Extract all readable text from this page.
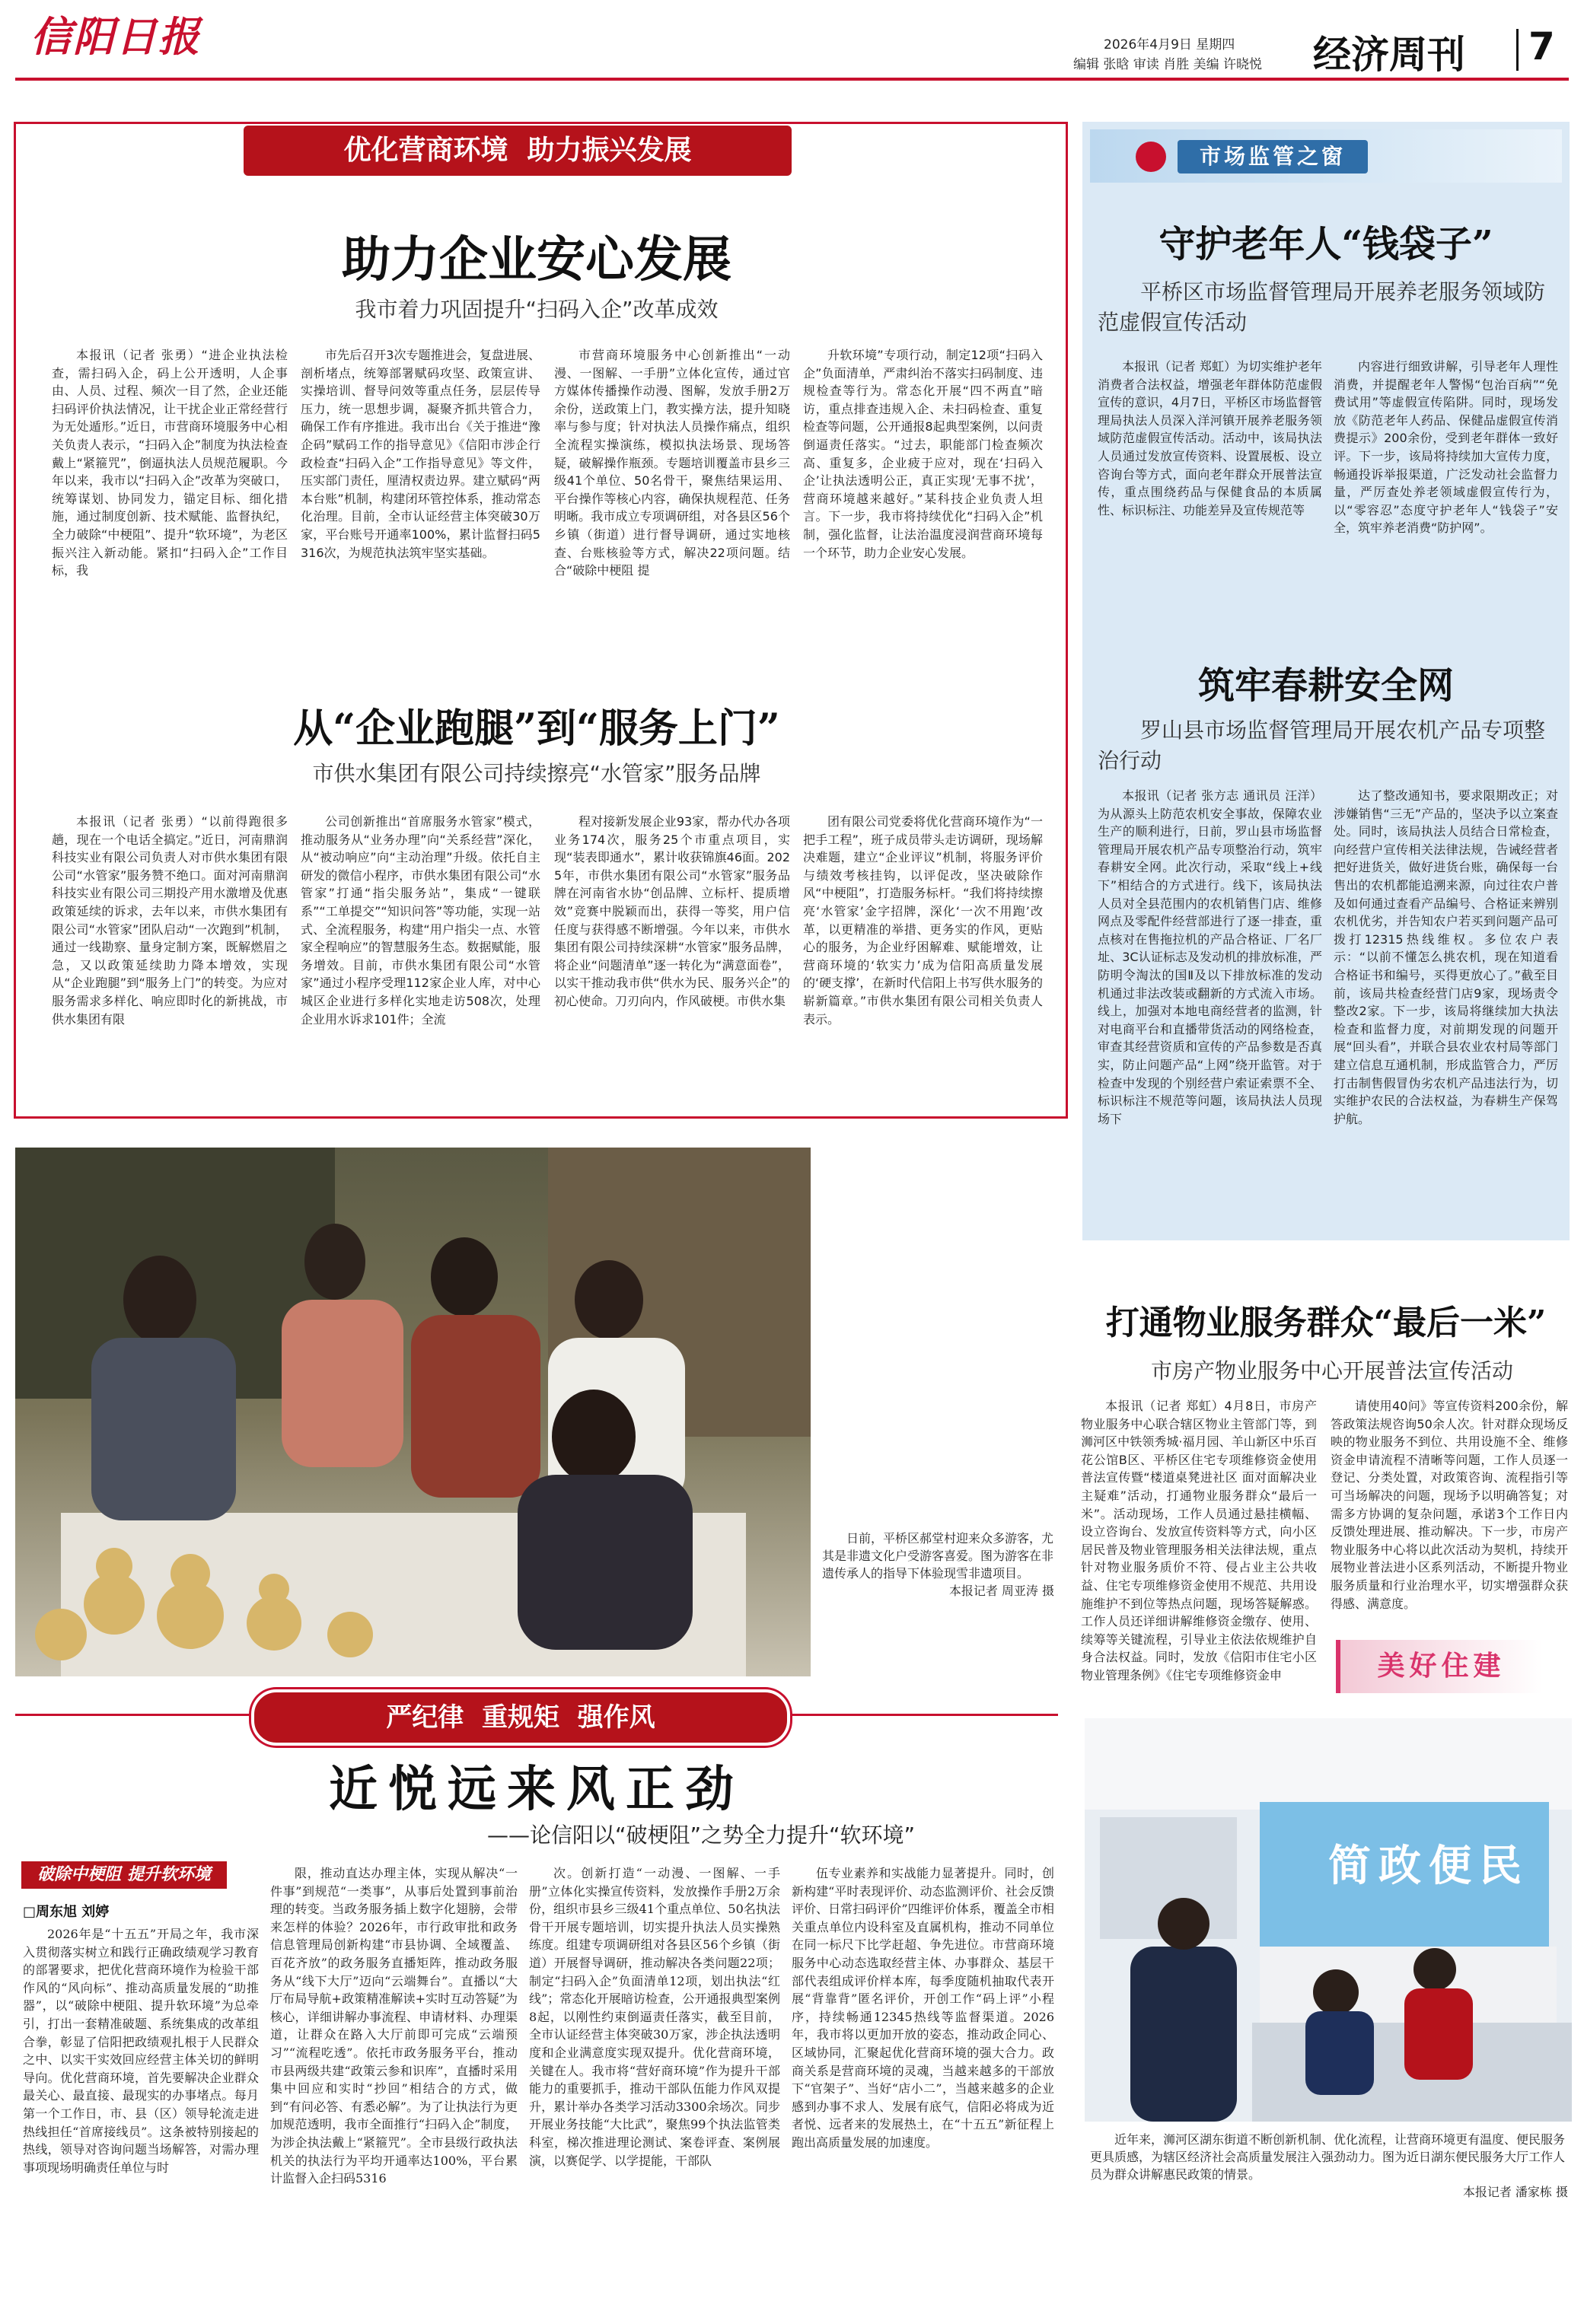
信阳日报	2026年4月9日 星期四
编辑 张晗 审读 肖胜 美编 许晓悦 经济周刊 7
优化营商环境  助力振兴发展
助力企业安心发展
我市着力巩固提升“扫码入企”改革成效
本报讯（记者 张勇）“进企业执法检查，需扫码入企，码上公开透明，人企事由、人员、过程、频次一目了然，企业还能扫码评价执法情况，让干扰企业正常经营行为无处遁形。”近日，市营商环境服务中心相关负责人表示，“扫码入企”制度为执法检查戴上“紧箍咒”，倒逼执法人员规范履职。今年以来，我市以“扫码入企”改革为突破口，统筹谋划、协同发力，锚定目标、细化措施，通过制度创新、技术赋能、监督执纪，全力破除“中梗阻”、提升“软环境”，为老区振兴注入新动能。紧扣“扫码入企”工作目标，我
市先后召开3次专题推进会，复盘进展、剖析堵点，统筹部署赋码攻坚、政策宣讲、实操培训、督导问效等重点任务，层层传导压力，统一思想步调，凝聚齐抓共管合力，确保工作有序推进。我市出台《关于推进“豫企码”赋码工作的指导意见》《信阳市涉企行政检查“扫码入企”工作指导意见》等文件，压实部门责任，厘清权责边界。建立赋码“两本台账”机制，构建闭环管控体系，推动常态化治理。目前，全市认证经营主体突破30万家，平台账号开通率100%，累计监督扫码5316次，为规范执法筑牢坚实基础。
市营商环境服务中心创新推出“一动漫、一图解、一手册”立体化宣传，通过官方媒体传播操作动漫、图解，发放手册2万余份，送政策上门，教实操方法，提升知晓率与参与度；针对执法人员操作痛点，组织全流程实操演练，模拟执法场景、现场答疑，破解操作瓶颈。专题培训覆盖市县乡三级41个单位、50名骨干，聚焦结果运用、平台操作等核心内容，确保执规程范、任务明晰。我市成立专项调研组，对各县区56个乡镇（街道）进行督导调研，通过实地核查、台账核验等方式，解决22项问题。结合“破除中梗阻 提
升软环境”专项行动，制定12项“扫码入企”负面清单，严肃纠治不落实扫码制度、违规检查等行为。常态化开展“四不两直”暗访，重点排查违规入企、未扫码检查、重复检查等问题，公开通报8起典型案例，以问责倒逼责任落实。“过去，职能部门检查频次高、重复多，企业疲于应对，现在‘扫码入企’让执法透明公正，真正实现‘无事不扰’，营商环境越来越好。”某科技企业负责人坦言。下一步，我市将持续优化“扫码入企”机制，强化监督，让法治温度浸润营商环境每一个环节，助力企业安心发展。
从“企业跑腿”到“服务上门”
市供水集团有限公司持续擦亮“水管家”服务品牌
本报讯（记者 张勇）“以前得跑很多趟，现在一个电话全搞定。”近日，河南鼎润科技实业有限公司负责人对市供水集团有限公司“水管家”服务赞不绝口。面对河南鼎润科技实业有限公司三期投产用水激增及优惠政策延续的诉求，去年以来，市供水集团有限公司“水管家”团队启动“一次跑到”机制，通过一线勘察、量身定制方案，既解燃眉之急，又以政策延续助力降本增效，实现从“企业跑腿”到“服务上门”的转变。为应对服务需求多样化、响应即时化的新挑战，市供水集团有限
公司创新推出“首席服务水管家”模式，推动服务从“业务办理”向“关系经营”深化，从“被动响应”向“主动治理”升级。依托自主研发的微信小程序，市供水集团有限公司“水管家”打通“指尖服务站”，集成“一键联系”“工单提交”“知识问答”等功能，实现一站式、全流程服务，构建“用户指尖一点、水管家全程响应”的智慧服务生态。数据赋能，服务增效。目前，市供水集团有限公司“水管家”通过小程序受理112家企业人库，对中心城区企业进行多样化实地走访508次，处理企业用水诉求101件；全流
程对接新发展企业93家，帮办代办各项业务174次，服务25个市重点项目，实现“装表即通水”，累计收获锦旗46面。2025年，市供水集团有限公司“水管家”服务品牌在河南省水协“创品牌、立标杆、提质增效”竞赛中脱颖而出，获得一等奖，用户信任度与获得感不断增强。今年以来，市供水集团有限公司持续深耕“水管家”服务品牌，将企业“问题清单”逐一转化为“满意面卷”，以实干推动我市供“供水为民、服务兴企”的初心使命。刀刃向内，作风破梗。市供水集
团有限公司党委将优化营商环境作为“一把手工程”，班子成员带头走访调研，现场解决难题，建立“企业评议”机制，将服务评价与绩效考核挂钩，以评促改，坚决破除作风“中梗阻”，打造服务标杆。“我们将持续擦亮‘水管家’金字招牌，深化‘一次不用跑’改革，以更精准的举措、更务实的作风，更贴心的服务，为企业纾困解难、赋能增效，让营商环境的‘软实力’成为信阳高质量发展的‘硬支撑’，在新时代信阳上书写供水服务的崭新篇章。”市供水集团有限公司相关负责人表示。
日前，平桥区郝堂村迎来众多游客，尤其是非遗文化户受游客喜爱。图为游客在非遗传承人的指导下体验现雪非遗项目。
本报记者 周亚涛 摄
严纪律  重规矩  强作风
近悦远来风正劲
——论信阳以“破梗阻”之势全力提升“软环境”
破除中梗阻 提升软环境
□周东旭 刘婷
2026年是“十五五”开局之年，我市深入贯彻落实树立和践行正确政绩观学习教育的部署要求，把优化营商环境作为检验干部作风的“风向标”、推动高质量发展的“助推器”，以“破除中梗阻、提升软环境”为总牵引，打出一套精准破题、系统集成的改革组合拳，彰显了信阳把政绩观扎根于人民群众之中、以实干实效回应经营主体关切的鲜明导向。优化营商环境，首先要解决企业群众最关心、最直接、最现实的办事堵点。每月第一个工作日，市、县（区）领导轮流走进热线担任“首席接线员”。这条被特别接起的热线，领导对咨询问题当场解答，对需办理事项现场明确责任单位与时
限，推动直达办理主体，实现从解决“一件事”到规范“一类事”，从事后处置到事前治理的转变。当政务服务插上数字化翅膀，会带来怎样的体验？2026年，市行政审批和政务信息管理局创新构建“市县协调、全域覆盖、百花齐放”的政务服务直播矩阵，推动政务服务从“线下大厅”迈向“云端舞台”。直播以“大厅布局导航+政策精准解读+实时互动答疑”为核心，详细讲解办事流程、申请材料、办理渠道，让群众在路入大厅前即可完成“云端预习”“流程吃透”。依托市政务服务平台，推动市县两级共建“政策云参和识库”，直播时采用集中回应和实时“抄回”相结合的方式，做到“有问必答、有悉必解”。为了让执法行为更加规范透明，我市全面推行“扫码入企”制度，为涉企执法戴上“紧箍咒”。全市县级行政执法机关的执法行为平均开通率达100%，平台累计监督入企扫码5316
次。创新打造“一动漫、一图解、一手册”立体化实操宣传资料，发放操作手册2万余份，组织市县乡三级41个重点单位、50名执法骨干开展专题培训，切实提升执法人员实操熟练度。组建专项调研组对各县区56个乡镇（街道）开展督导调研，推动解决各类问题22项；制定“扫码入企”负面清单12项，划出执法“红线”；常态化开展暗访检查，公开通报典型案例8起，以刚性约束倒逼责任落实，截至目前，全市认证经营主体突破30万家，涉企执法透明度和企业满意度实现双提升。优化营商环境，关键在人。我市将“营好商环境”作为提升干部能力的重要抓手，推动干部队伍能力作风双提升，累计举办各类学习活动3300余场次。同步开展业务技能“大比武”，聚焦99个执法监管类科室，梯次推进理论测试、案卷评查、案例展演，以赛促学、以学提能，干部队
伍专业素养和实战能力显著提升。同时，创新构建“平时表现评价、动态监测评价、社会反馈评价、日常扫码评价”四维评价体系，覆盖全市相关重点单位内设科室及直属机构，推动不同单位在同一标尺下比学赶超、争先进位。市营商环境服务中心动态选取经营主体、办事群众、基层干部代表组成评价样本库，每季度随机抽取代表开展“背靠背”匿名评价，开创工作“码上评”小程序，持续畅通12345热线等监督渠道。2026年，我市将以更加开放的姿态，推动政企同心、区域协同，汇聚起优化营商环境的强大合力。政商关系是营商环境的灵魂，当越来越多的干部放下“官架子”、当好“店小二”，当越来越多的企业感到办事不求人、发展有底气，信阳必将成为近者悦、远者来的发展热土，在“十五五”新征程上跑出高质量发展的加速度。
市场监管之窗
守护老年人“钱袋子”
平桥区市场监督管理局开展养老服务领域防范虚假宣传活动
本报讯（记者 郑虹）为切实维护老年消费者合法权益，增强老年群体防范虚假宣传的意识，4月7日，平桥区市场监督管理局执法人员深入洋河镇开展养老服务领域防范虚假宣传活动。活动中，该局执法人员通过发放宣传资料、设置展板、设立咨询台等方式，面向老年群众开展普法宣传，重点围绕药品与保健食品的本质属性、标识标注、功能差异及宣传规范等
内容进行细致讲解，引导老年人理性消费，并提醒老年人警惕“包治百病”“免费试用”等虚假宣传陷阱。同时，现场发放《防范老年人药品、保健品虚假宣传消费提示》200余份，受到老年群体一致好评。下一步，该局将持续加大宣传力度，畅通投诉举报渠道，广泛发动社会监督力量，严厉查处养老领域虚假宣传行为，以“零容忍”态度守护老年人“钱袋子”安全，筑牢养老消费“防护网”。
筑牢春耕安全网
罗山县市场监督管理局开展农机产品专项整治行动
本报讯（记者 张方志 通讯员 汪洋）为从源头上防范农机安全事故，保障农业生产的顺利进行，日前，罗山县市场监督管理局开展农机产品专项整治行动，筑牢春耕安全网。此次行动，采取“线上+线下”相结合的方式进行。线下，该局执法人员对全县范围内的农机销售门店、维修网点及零配件经营部进行了逐一排查，重点核对在售拖拉机的产品合格证、厂名厂址、3C认证标志及发动机的排放标准，严防明令淘汰的国Ⅱ及以下排放标准的发动机通过非法改装或翻新的方式流入市场。线上，加强对本地电商经营者的监测，针对电商平台和直播带货活动的网络检查，审查其经营资质和宣传的产品参数是否真实，防止问题产品“上网”绕开监管。对于检查中发现的个别经营户索证索票不全、标识标注不规范等问题，该局执法人员现场下
达了整改通知书，要求限期改正；对涉嫌销售“三无”产品的，坚决予以立案查处。同时，该局执法人员结合日常检查，向经营户宣传相关法律法规，告诫经营者把好进货关，做好进货台账，确保每一台售出的农机都能追溯来源，向过往农户普及如何通过查看产品编号、合格证来辨别农机优劣，并告知农户若买到问题产品可拨打12315热线维权。多位农户表示：“以前不懂怎么挑农机，现在知道看合格证书和编号，买得更放心了。”截至目前，该局共检查经营门店9家，现场责令整改2家。下一步，该局将继续加大执法检查和监督力度，对前期发现的问题开展“回头看”，并联合县农业农村局等部门建立信息互通机制，形成监管合力，严厉打击制售假冒伪劣农机产品违法行为，切实维护农民的合法权益，为春耕生产保驾护航。
打通物业服务群众“最后一米”
市房产物业服务中心开展普法宣传活动
本报讯（记者 郑虹）4月8日，市房产物业服务中心联合辖区物业主管部门等，到浉河区中铁领秀城·福月园、羊山新区中乐百花公馆B区、平桥区住宅专项维修资金使用普法宣传暨“楼道桌凳进社区 面对面解决业主疑难”活动，打通物业服务群众“最后一米”。活动现场，工作人员通过悬挂横幅、设立咨询台、发放宣传资料等方式，向小区居民普及物业管理服务相关法律法规，重点针对物业服务质价不符、侵占业主公共收益、住宅专项维修资金使用不规范、共用设施维护不到位等热点问题，现场答疑解惑。工作人员还详细讲解维修资金缴存、使用、续筹等关键流程，引导业主依法依规维护自身合法权益。同时，发放《信阳市住宅小区物业管理条例》《住宅专项维修资金申
请使用40问》等宣传资料200余份，解答政策法规咨询50余人次。针对群众现场反映的物业服务不到位、共用设施不全、维修资金申请流程不清晰等问题，工作人员逐一登记、分类处置，对政策咨询、流程指引等可当场解决的问题，现场予以明确答复；对需多方协调的复杂问题，承诺3个工作日内反馈处理进展、推动解决。下一步，市房产物业服务中心将以此次活动为契机，持续开展物业普法进小区系列活动，不断提升物业服务质量和行业治理水平，切实增强群众获得感、满意度。
美好住建
简政便民
近年来，浉河区湖东街道不断创新机制、优化流程，让营商环境更有温度、便民服务更具质感，为辖区经济社会高质量发展注入强劲动力。图为近日湖东便民服务大厅工作人员为群众讲解惠民政策的情景。
本报记者 潘家栋 摄
